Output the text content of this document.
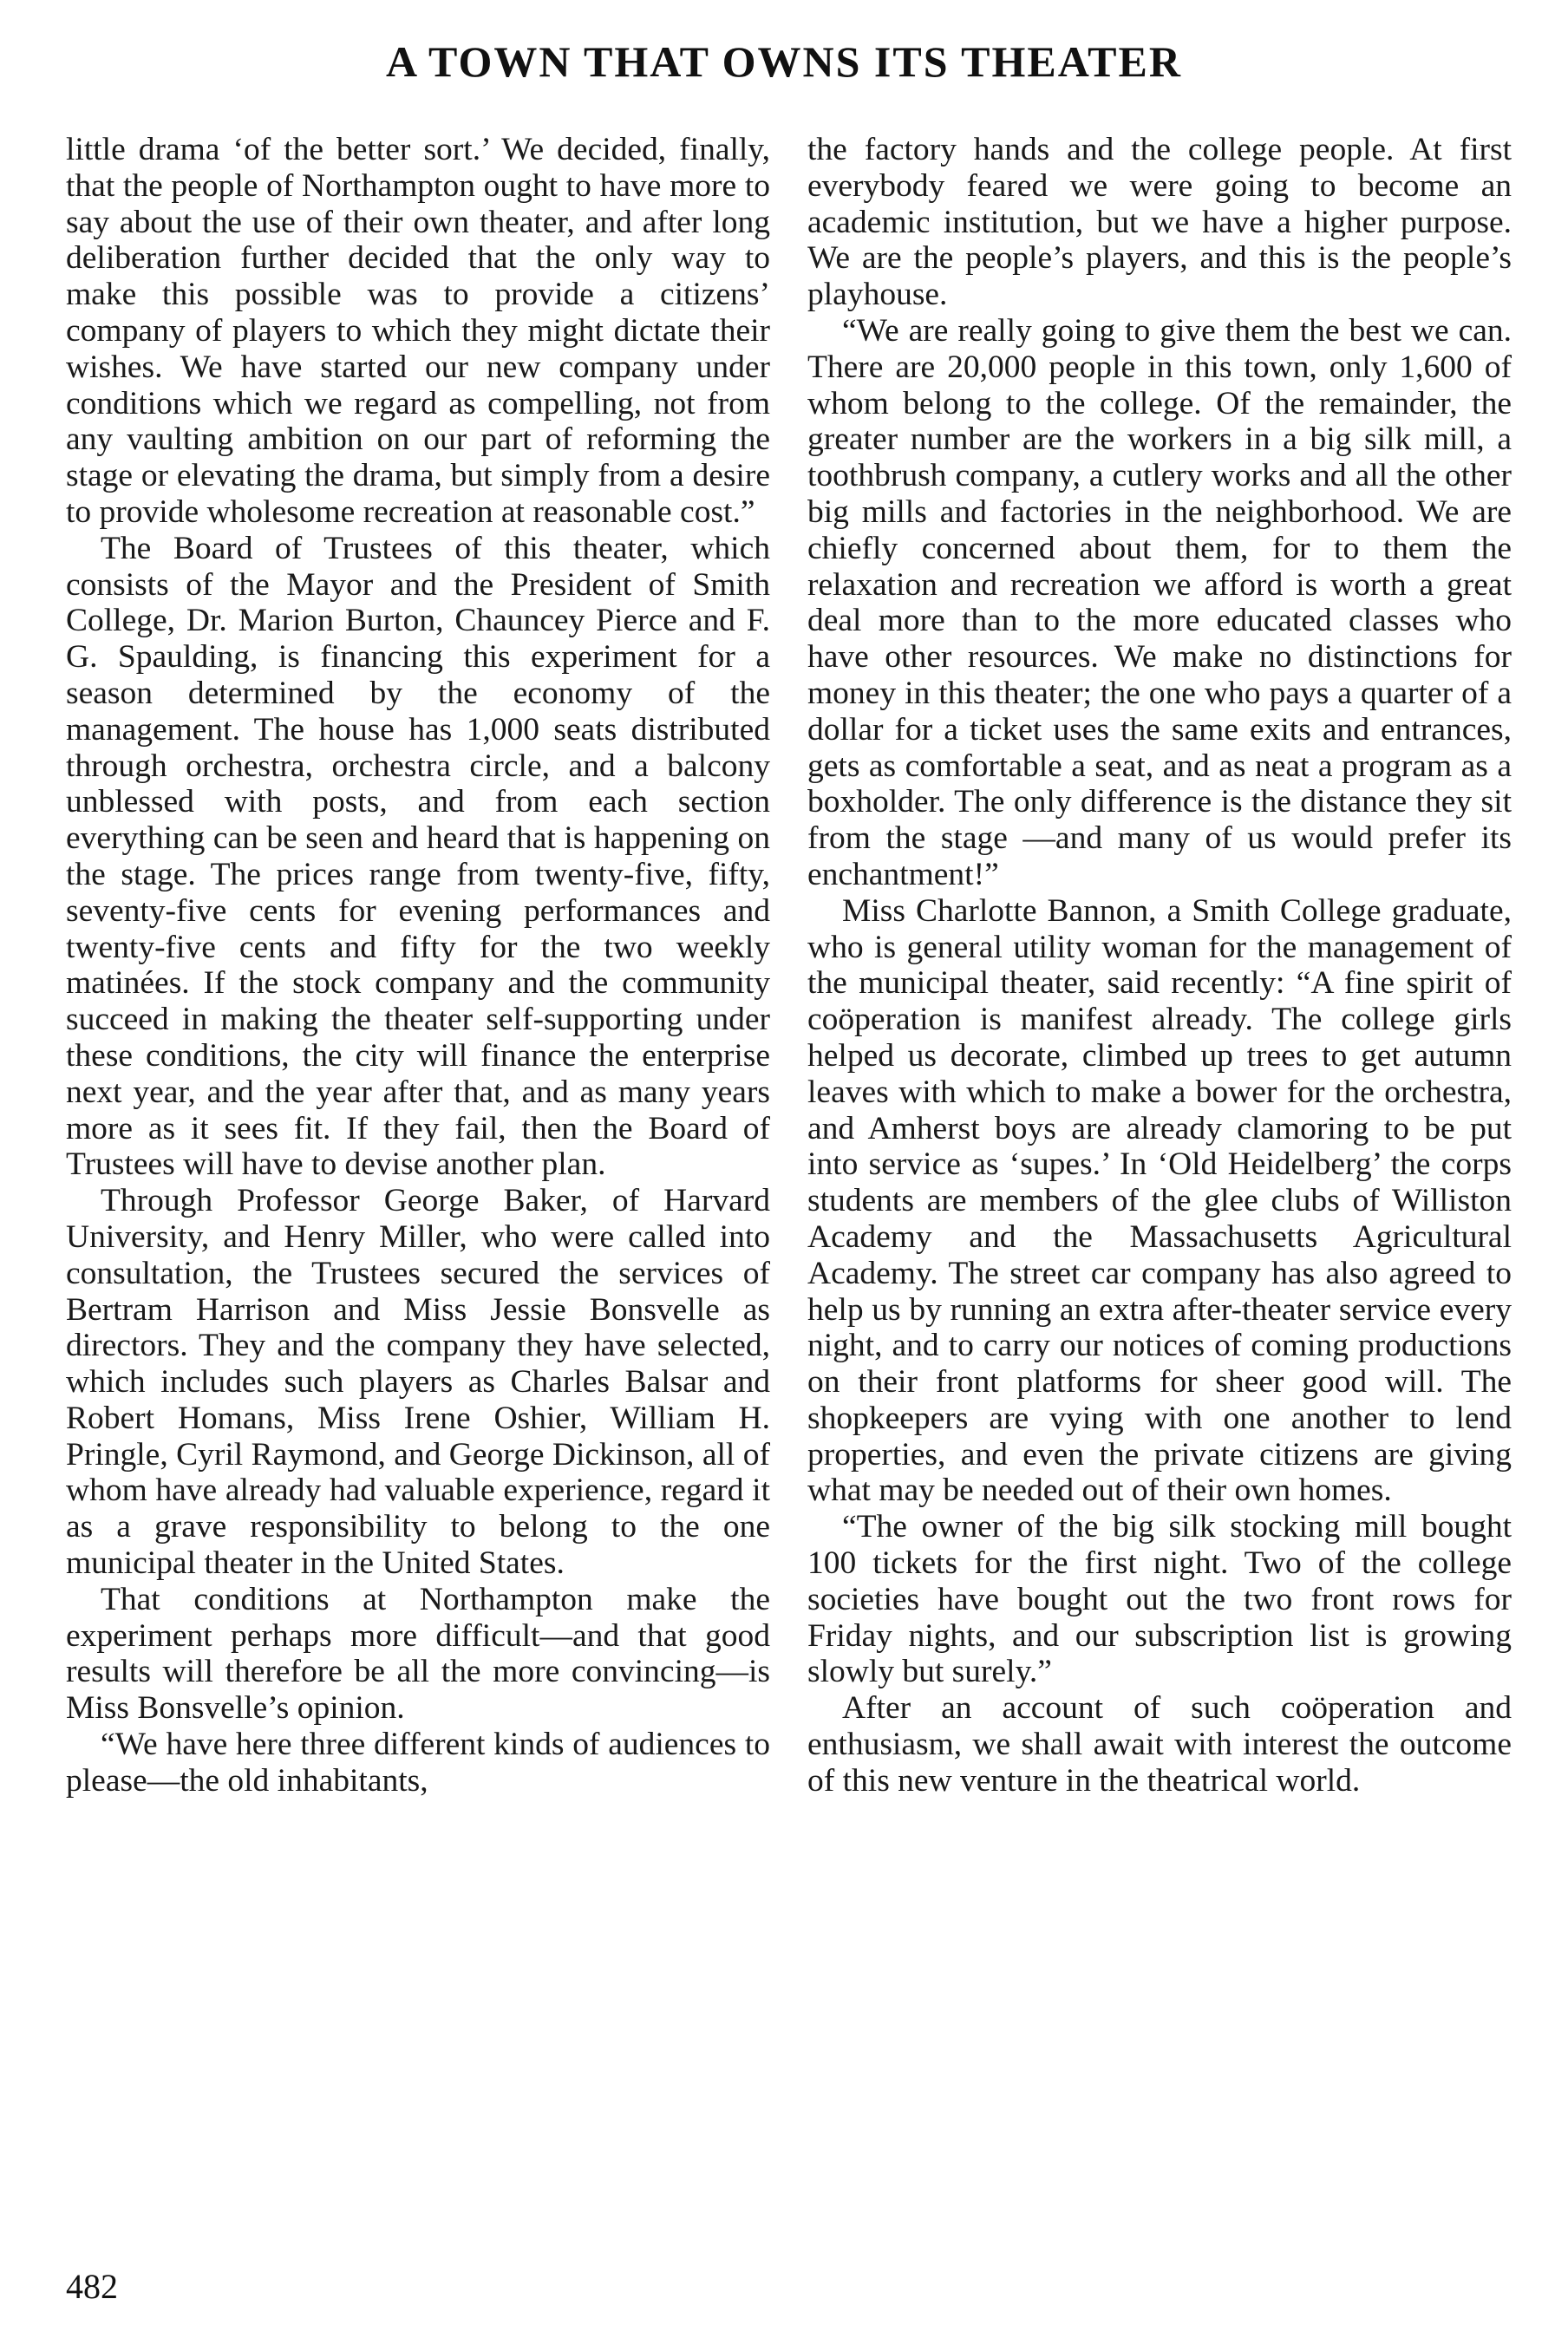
A TOWN THAT OWNS ITS THEATER

little drama ‘of the better sort.’ We decided, finally, that the people of Northampton ought to have more to say about the use of their own theater, and after long deliberation further decided that the only way to make this possible was to provide a citizens’ company of players to which they might dictate their wishes. We have started our new company under conditions which we regard as compelling, not from any vaulting ambition on our part of reforming the stage or elevating the drama, but simply from a desire to provide wholesome recreation at reasonable cost.”

The Board of Trustees of this theater, which consists of the Mayor and the President of Smith College, Dr. Marion Burton, Chauncey Pierce and F. G. Spaulding, is financing this experiment for a season determined by the economy of the management. The house has 1,000 seats distributed through orchestra, orchestra circle, and a balcony unblessed with posts, and from each section everything can be seen and heard that is happening on the stage. The prices range from twenty-five, fifty, seventy-five cents for evening performances and twenty-five cents and fifty for the two weekly matinées. If the stock company and the community succeed in making the theater self-supporting under these conditions, the city will finance the enterprise next year, and the year after that, and as many years more as it sees fit. If they fail, then the Board of Trustees will have to devise another plan.

Through Professor George Baker, of Harvard University, and Henry Miller, who were called into consultation, the Trustees secured the services of Bertram Harrison and Miss Jessie Bonsvelle as directors. They and the company they have selected, which includes such players as Charles Balsar and Robert Homans, Miss Irene Oshier, William H. Pringle, Cyril Raymond, and George Dickinson, all of whom have already had valuable experience, regard it as a grave responsibility to belong to the one municipal theater in the United States.

That conditions at Northampton make the experiment perhaps more difficult—and that good results will therefore be all the more convincing—is Miss Bonsvelle’s opinion.

“We have here three different kinds of audiences to please—the old inhabitants,

the factory hands and the college people. At first everybody feared we were going to become an academic institution, but we have a higher purpose. We are the people’s players, and this is the people’s playhouse.

“We are really going to give them the best we can. There are 20,000 people in this town, only 1,600 of whom belong to the college. Of the remainder, the greater number are the workers in a big silk mill, a toothbrush company, a cutlery works and all the other big mills and factories in the neighborhood. We are chiefly concerned about them, for to them the relaxation and recreation we afford is worth a great deal more than to the more educated classes who have other resources. We make no distinctions for money in this theater; the one who pays a quarter of a dollar for a ticket uses the same exits and entrances, gets as comfortable a seat, and as neat a program as a boxholder. The only difference is the distance they sit from the stage —and many of us would prefer its enchantment!”

Miss Charlotte Bannon, a Smith College graduate, who is general utility woman for the management of the municipal theater, said recently: “A fine spirit of coöperation is manifest already. The college girls helped us decorate, climbed up trees to get autumn leaves with which to make a bower for the orchestra, and Amherst boys are already clamoring to be put into service as ‘supes.’ In ‘Old Heidelberg’ the corps students are members of the glee clubs of Williston Academy and the Massachusetts Agricultural Academy. The street car company has also agreed to help us by running an extra after-theater service every night, and to carry our notices of coming productions on their front platforms for sheer good will. The shopkeepers are vying with one another to lend properties, and even the private citizens are giving what may be needed out of their own homes.

“The owner of the big silk stocking mill bought 100 tickets for the first night. Two of the college societies have bought out the two front rows for Friday nights, and our subscription list is growing slowly but surely.”

After an account of such coöperation and enthusiasm, we shall await with interest the outcome of this new venture in the theatrical world.

482
